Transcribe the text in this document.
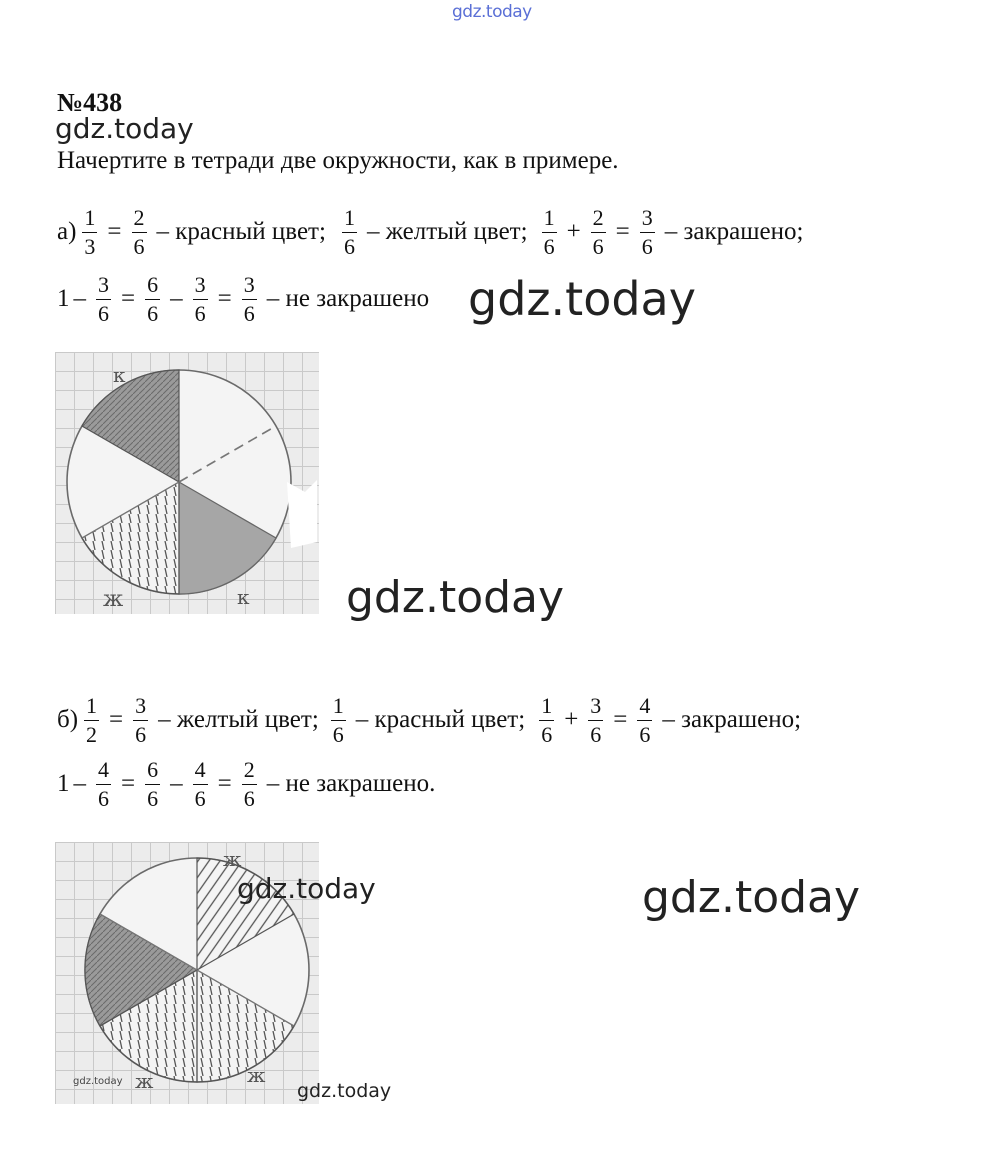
gdz.today
№438
gdz.today
Начертите в тетради две окружности, как в примере.
$а) \frac{1}{3} = \frac{2}{6}$ – красный цвет; $\frac{1}{6}$ – желтый цвет; $\frac{1}{6} + \frac{2}{6} = \frac{3}{6}$ – закрашено;
$1 - \frac{3}{6} = \frac{6}{6} - \frac{3}{6} = \frac{3}{6}$ – не закрашено gdz.today
к
ж	к gdz.today
$б) \frac{1}{2} = \frac{3}{6}$ – желтый цвет; $\frac{1}{6}$ – красный цвет; $\frac{1}{6} + \frac{3}{6} = \frac{4}{6}$ – закрашено;
$1 - \frac{4}{6} = \frac{6}{6} - \frac{4}{6} = \frac{2}{6}$ – не закрашено.
ж
ж	ж
gdz.today
gdz.today	gdz.today
gdz.today
